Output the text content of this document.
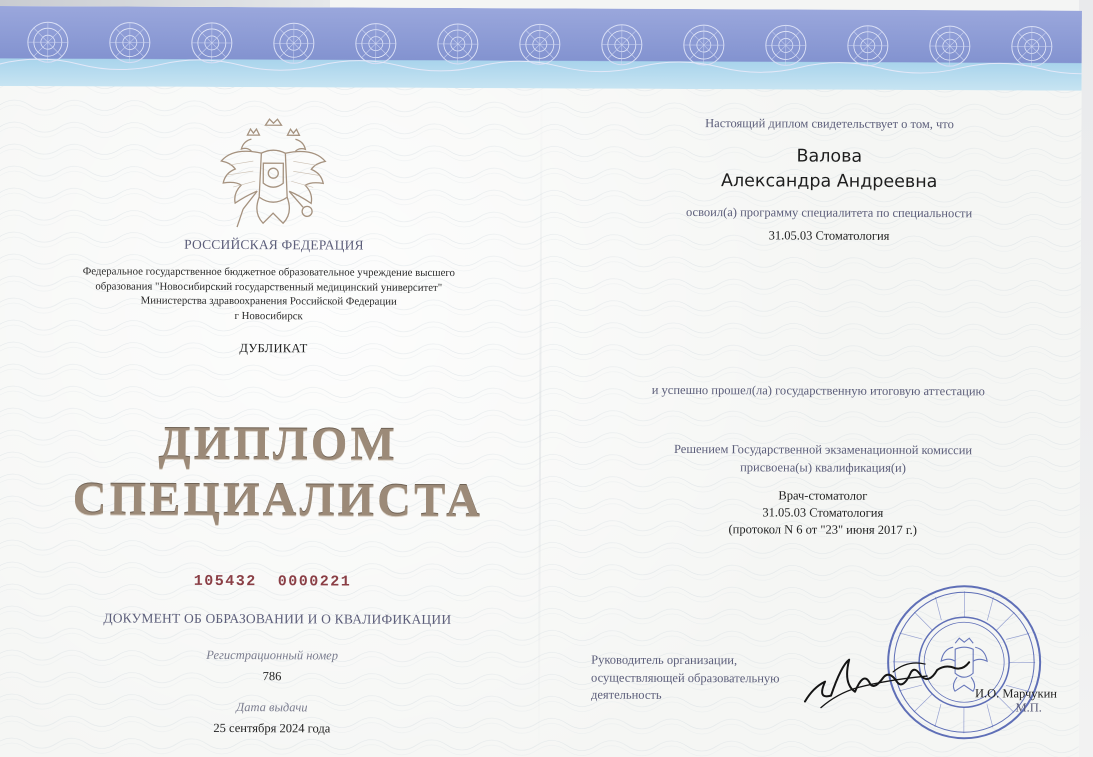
РОССИЙСКАЯ ФЕДЕРАЦИЯ
Федеральное государственное бюджетное образовательное учреждение высшего
образования "Новосибирский государственный медицинский университет"
Министерства здравоохранения Российской Федерации
г Новосибирск
ДУБЛИКАТ
ДИПЛОМ
СПЕЦИАЛИСТА
105432  0000221
ДОКУМЕНТ ОБ ОБРАЗОВАНИИ И О КВАЛИФИКАЦИИ
Регистрационный номер
786
Дата выдачи
25 сентября 2024 года
Настоящий диплом свидетельствует о том, что
Валова
Александра Андреевна
освоил(а) программу специалитета по специальности
31.05.03 Стоматология
и успешно прошел(ла) государственную итоговую аттестацию
Решением Государственной экзаменационной комиссии
присвоена(ы) квалификация(и)
Врач-стоматолог
31.05.03 Стоматология
(протокол N 6 от "23" июня 2017 г.)
Руководитель организации,
осуществляющей образовательную
деятельность	И.О. Марчукин
М.П.
